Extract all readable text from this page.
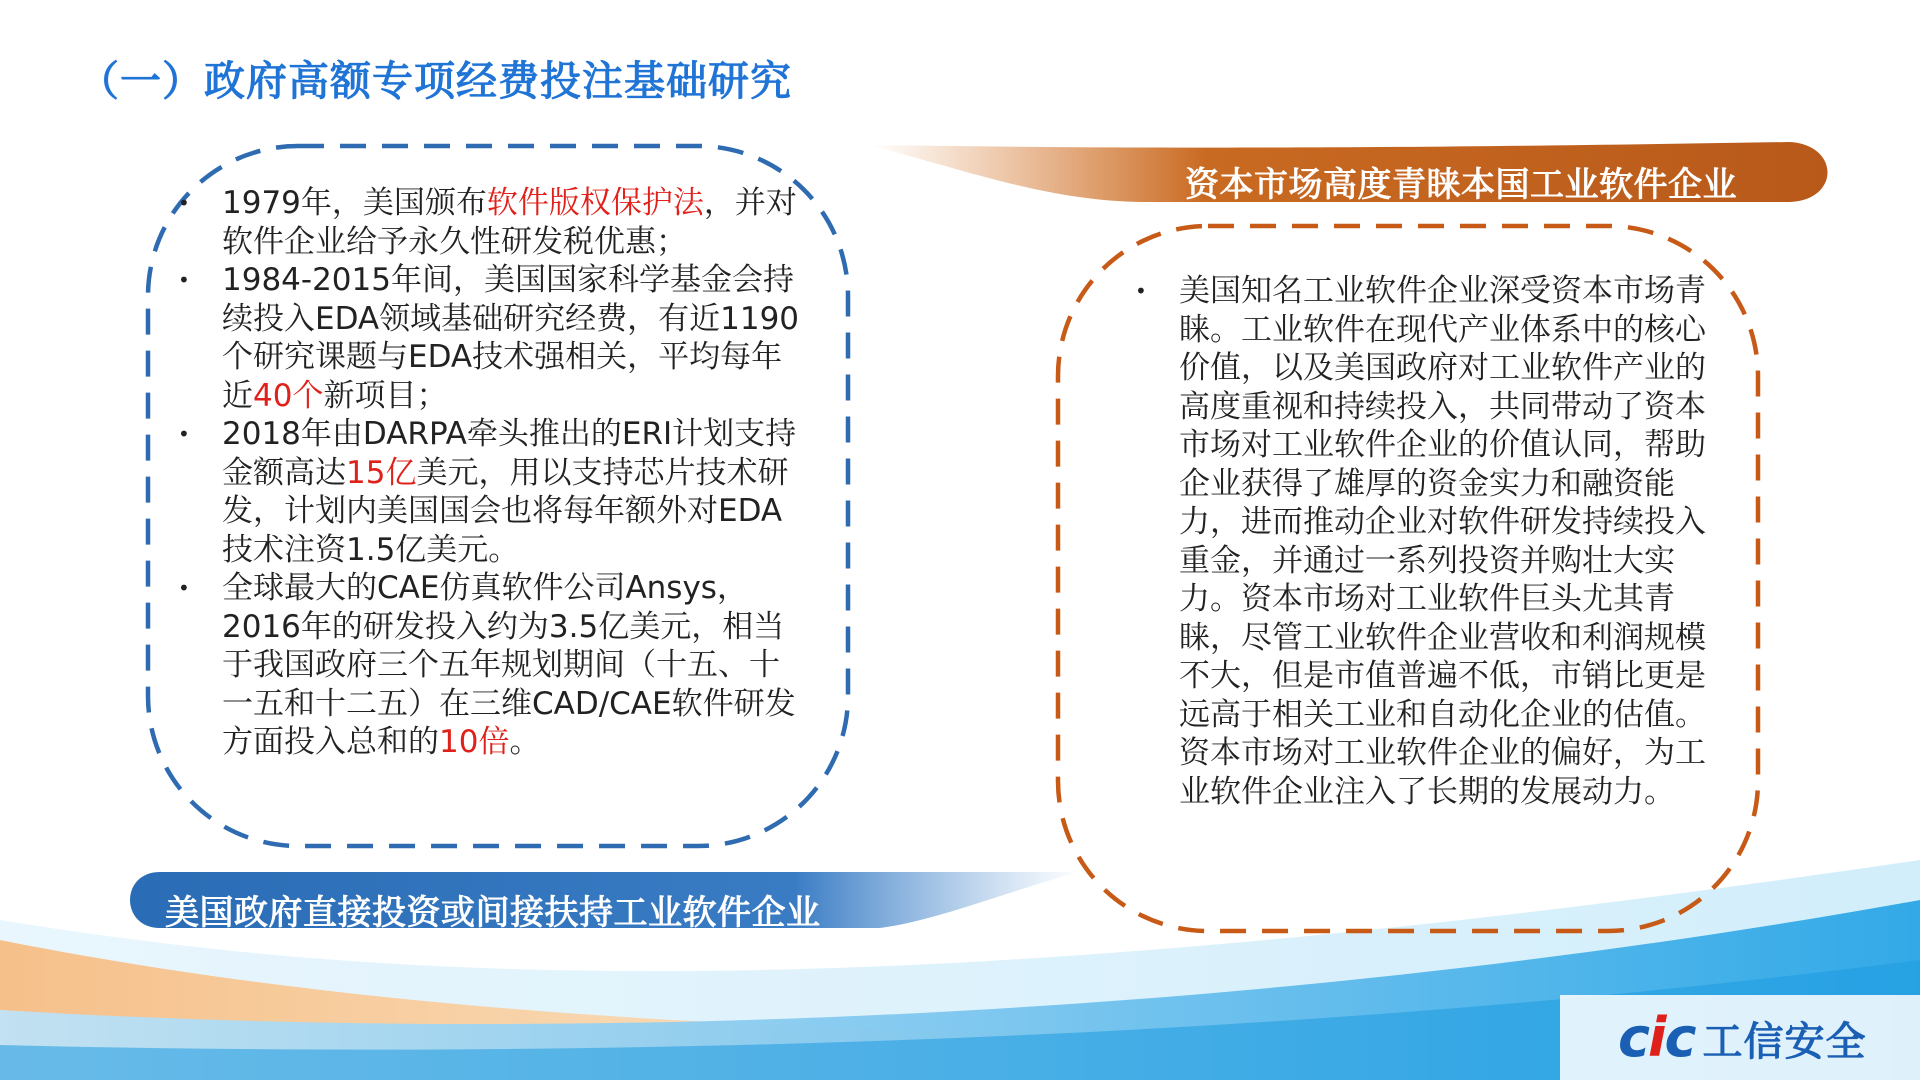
（一）政府高额专项经费投注基础研究
•	1979年，美国颁布软件版权保护法，并对软件企业给予永久性研发税优惠；
•	1984-2015年间，美国国家科学基金会持续投入EDA领域基础研究经费，有近1190个研究课题与EDA技术强相关，平均每年近40个新项目；
•	2018年由DARPA牵头推出的ERI计划支持金额高达15亿美元，用以支持芯片技术研发，计划内美国国会也将每年额外对EDA技术注资1.5亿美元。
•	全球最大的CAE仿真软件公司Ansys，2016年的研发投入约为3.5亿美元，相当于我国政府三个五年规划期间（十五、十一五和十二五）在三维CAD/CAE软件研发方面投入总和的10倍。
美国政府直接投资或间接扶持工业软件企业
资本市场高度青睐本国工业软件企业
•	美国知名工业软件企业深受资本市场青睐。工业软件在现代产业体系中的核心价值，以及美国政府对工业软件产业的高度重视和持续投入，共同带动了资本市场对工业软件企业的价值认同，帮助企业获得了雄厚的资金实力和融资能力，进而推动企业对软件研发持续投入重金，并通过一系列投资并购壮大实力。资本市场对工业软件巨头尤其青睐，尽管工业软件企业营收和利润规模不大，但是市值普遍不低，市销比更是远高于相关工业和自动化企业的估值。资本市场对工业软件企业的偏好，为工业软件企业注入了长期的发展动力。
cic 工信安全
